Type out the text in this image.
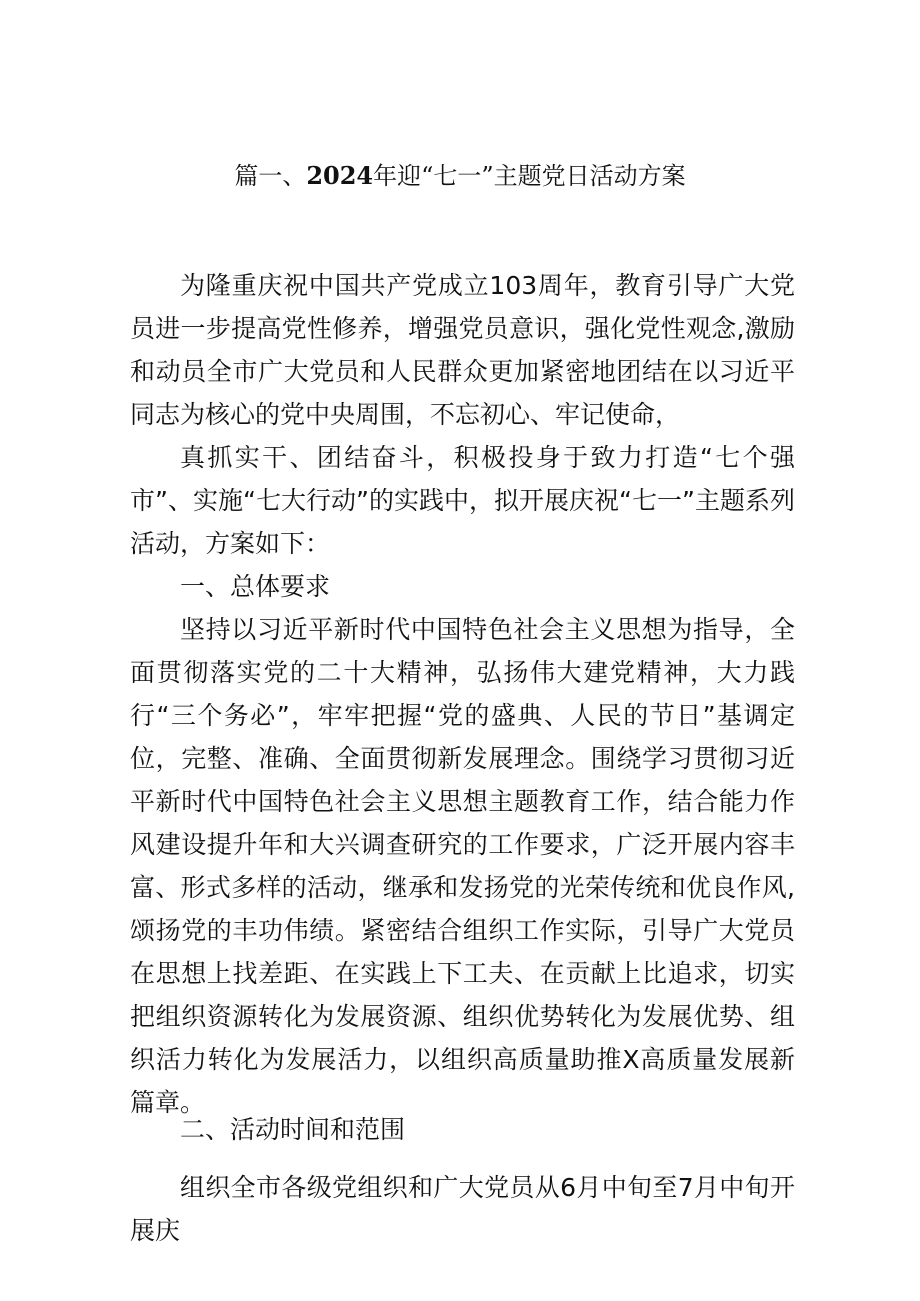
篇一、2024年迎“七一”主题党日活动方案

为隆重庆祝中国共产党成立103周年，教育引导广大党员进一步提高党性修养，增强党员意识，强化党性观念,激励和动员全市广大党员和人民群众更加紧密地团结在以习近平同志为核心的党中央周围，不忘初心、牢记使命，

真抓实干、团结奋斗，积极投身于致力打造“七个强市”、实施“七大行动”的实践中，拟开展庆祝“七一”主题系列活动，方案如下：

一、总体要求

坚持以习近平新时代中国特色社会主义思想为指导，全面贯彻落实党的二十大精神，弘扬伟大建党精神，大力践行“三个务必”，牢牢把握“党的盛典、人民的节日”基调定位，完整、准确、全面贯彻新发展理念。围绕学习贯彻习近平新时代中国特色社会主义思想主题教育工作，结合能力作风建设提升年和大兴调查研究的工作要求，广泛开展内容丰富、形式多样的活动，继承和发扬党的光荣传统和优良作风,颂扬党的丰功伟绩。紧密结合组织工作实际，引导广大党员在思想上找差距、在实践上下工夫、在贡献上比追求，切实把组织资源转化为发展资源、组织优势转化为发展优势、组织活力转化为发展活力，以组织高质量助推X高质量发展新篇章。

二、活动时间和范围

组织全市各级党组织和广大党员从6月中旬至7月中旬开展庆
